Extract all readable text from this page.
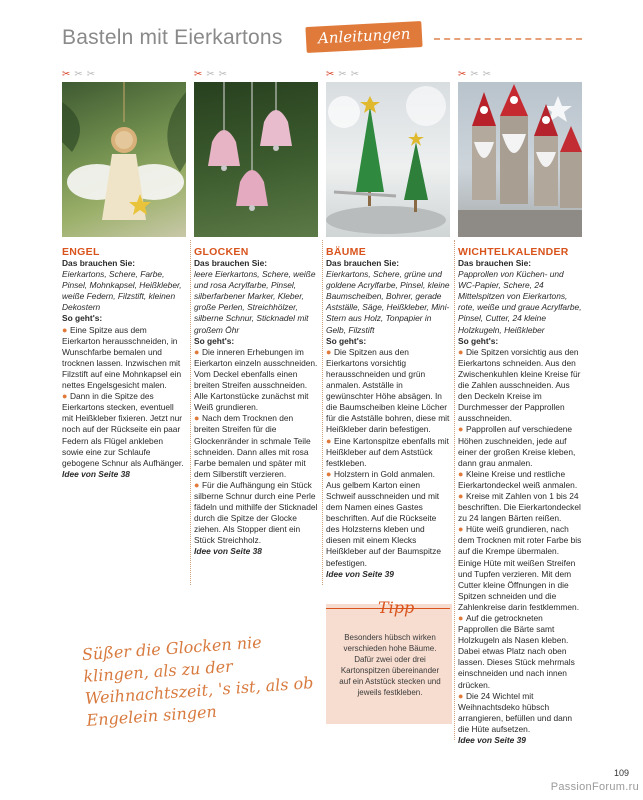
Basteln mit Eierkartons	Anleitungen
✂ ✂ ✂
ENGEL
Das brauchen Sie:
Eierkartons, Schere, Farbe, Pinsel, Mohnkapsel, Heißkleber, weiße Federn, Filzstift, kleinen Dekostern
So geht's:
● Eine Spitze aus dem Eierkarton herausschneiden, in Wunschfarbe bemalen und trocknen lassen. Inzwischen mit Filzstift auf eine Mohnkapsel ein nettes Engelsgesicht malen.
● Dann in die Spitze des Eierkartons stecken, eventuell mit Heißkleber fixieren. Jetzt nur noch auf der Rückseite ein paar Federn als Flügel ankleben sowie eine zur Schlaufe gebogene Schnur als Aufhänger.
Idee von Seite 38
✂ ✂ ✂
GLOCKEN
Das brauchen Sie:
leere Eierkartons, Schere, weiße und rosa Acrylfarbe, Pinsel, silberfarbener Marker, Kleber, große Perlen, Streichhölzer, silberne Schnur, Sticknadel mit großem Öhr
So geht's:
● Die inneren Erhebungen im Eierkarton einzeln ausschneiden. Vom Deckel ebenfalls einen breiten Streifen ausschneiden. Alle Kartonstücke zunächst mit Weiß grundieren.
● Nach dem Trocknen den breiten Streifen für die Glockenränder in schmale Teile schneiden. Dann alles mit rosa Farbe bemalen und später mit dem Silberstift verzieren.
● Für die Aufhängung ein Stück silberne Schnur durch eine Perle fädeln und mithilfe der Sticknadel durch die Spitze der Glocke ziehen. Als Stopper dient ein Stück Streichholz.
Idee von Seite 38
✂ ✂ ✂
BÄUME
Das brauchen Sie:
Eierkartons, Schere, grüne und goldene Acrylfarbe, Pinsel, kleine Baumscheiben, Bohrer, gerade Astställe, Säge, Heißkleber, Mini-Stern aus Holz, Tonpapier in Gelb, Filzstift
So geht's:
● Die Spitzen aus den Eierkartons vorsichtig herausschneiden und grün anmalen. Astställe in gewünschter Höhe absägen. In die Baumscheiben kleine Löcher für die Astställe bohren, diese mit Heißkleber darin befestigen.
● Eine Kartonspitze ebenfalls mit Heißkleber auf dem Aststück festkleben.
● Holzstern in Gold anmalen. Aus gelbem Karton einen Schweif ausschneiden und mit dem Namen eines Gastes beschriften. Auf die Rückseite des Holzsterns kleben und diesen mit einem Klecks Heißkleber auf der Baumspitze befestigen.
Idee von Seite 39
✂ ✂ ✂
WICHTELKALENDER
Das brauchen Sie:
Papprollen von Küchen- und WC-Papier, Schere, 24 Mittelspitzen von Eierkartons, rote, weiße und graue Acrylfarbe, Pinsel, Cutter, 24 kleine Holzkugeln, Heißkleber
So geht's:
● Die Spitzen vorsichtig aus den Eierkartons schneiden. Aus den Zwischenkuhlen kleine Kreise für die Zahlen ausschneiden. Aus den Deckeln Kreise im Durchmesser der Papprollen ausschneiden.
● Papprollen auf verschiedene Höhen zuschneiden, jede auf einer der großen Kreise kleben, dann grau anmalen.
● Kleine Kreise und restliche Eierkartondeckel weiß anmalen.
● Kreise mit Zahlen von 1 bis 24 beschriften. Die Eierkartondeckel zu 24 langen Bärten reißen.
● Hüte weiß grundieren, nach dem Trocknen mit roter Farbe bis auf die Krempe übermalen. Einige Hüte mit weißen Streifen und Tupfen verzieren. Mit dem Cutter kleine Öffnungen in die Spitzen schneiden und die Zahlenkreise darin festklemmen.
● Auf die getrockneten Papprollen die Bärte samt Holzkugeln als Nasen kleben. Dabei etwas Platz nach oben lassen. Dieses Stück mehrmals einschneiden und nach innen drücken.
● Die 24 Wichtel mit Weihnachtsdeko hübsch arrangieren, befüllen und dann die Hüte aufsetzen.
Idee von Seite 39
Süßer die Glocken nie klingen, als zu der Weihnachtszeit, 's ist, als ob Engelein singen
Tipp
Besonders hübsch wirken verschieden hohe Bäume. Dafür zwei oder drei Kartonspitzen übereinander auf ein Aststück stecken und jeweils festkleben.
109
PassionForum.ru
